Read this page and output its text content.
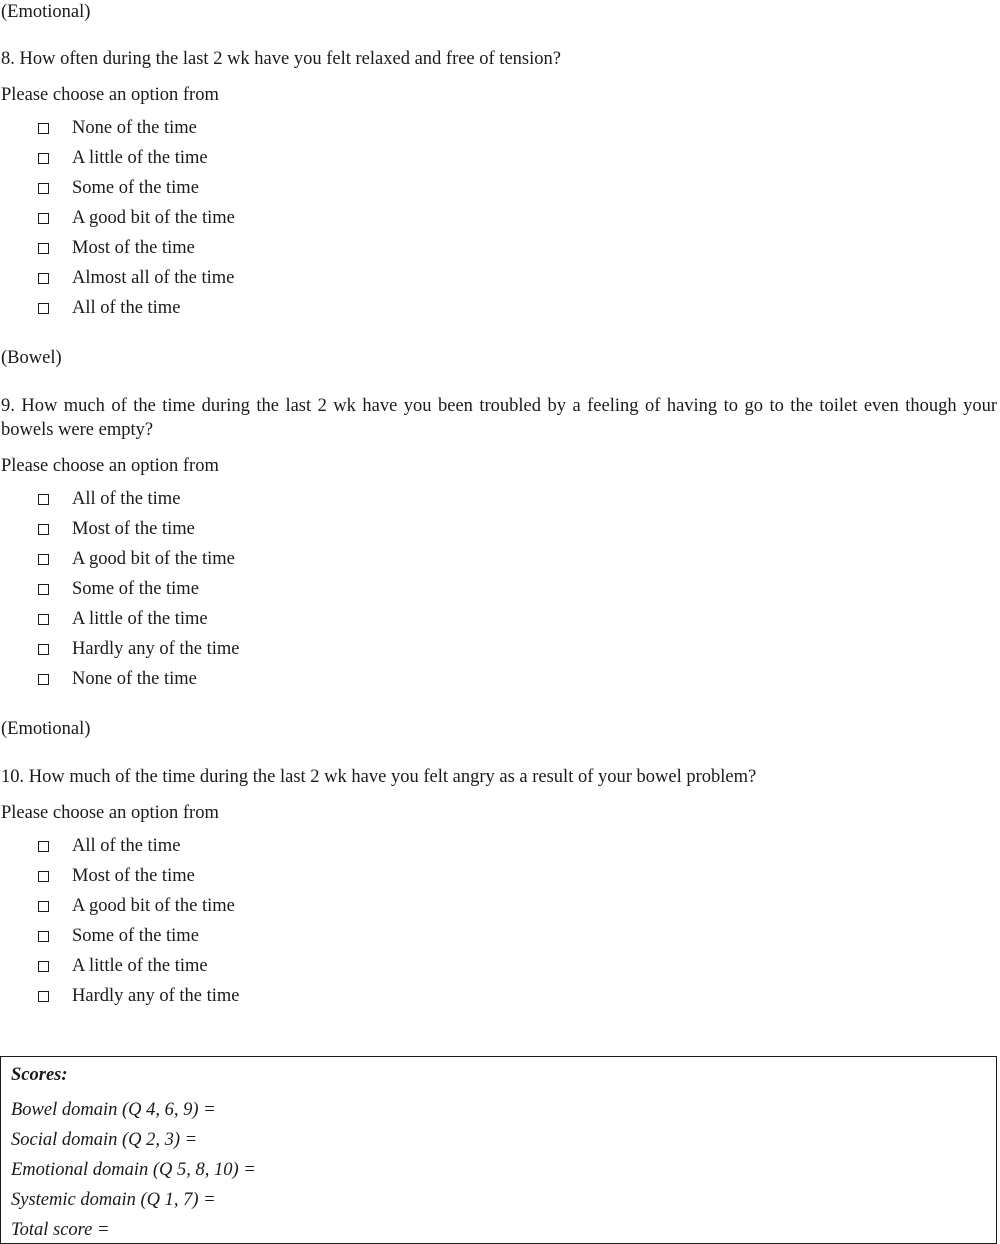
(Emotional)

8. How often during the last 2 wk have you felt relaxed and free of tension?

Please choose an option from

None of the time
A little of the time
Some of the time
A good bit of the time
Most of the time
Almost all of the time
All of the time

(Bowel)

9. How much of the time during the last 2 wk have you been troubled by a feeling of having to go to the toilet even though your bowels were empty?

Please choose an option from

All of the time
Most of the time
A good bit of the time
Some of the time
A little of the time
Hardly any of the time
None of the time

(Emotional)

10. How much of the time during the last 2 wk have you felt angry as a result of your bowel problem?

Please choose an option from

All of the time
Most of the time
A good bit of the time
Some of the time
A little of the time
Hardly any of the time

Scores:

Bowel domain (Q 4, 6, 9) =

Social domain (Q 2, 3) =

Emotional domain (Q 5, 8, 10) =

Systemic domain (Q 1, 7) =

Total score =
